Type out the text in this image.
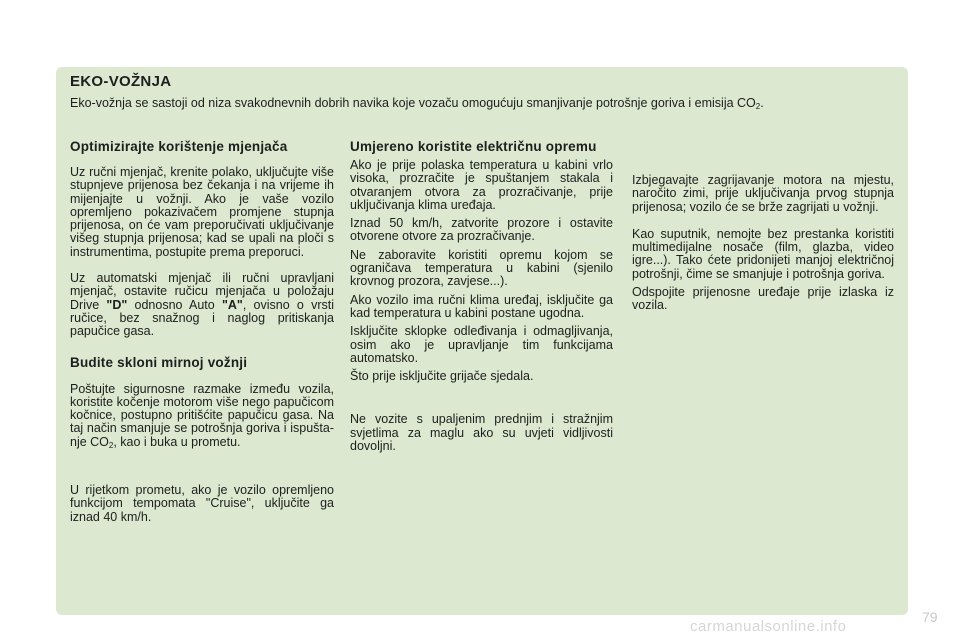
EKO-VOŽNJA
Eko-vožnja se sastoji od niza svakodnevnih dobrih navika koje vozaču omogućuju smanjivanje potrošnje goriva i emisija $CO_2$.
Optimizirajte korištenje mjenjača

Uz ručni mjenjač, krenite polako, uključujte više stupnjeve prijenosa bez čekanja i na vrijeme ih mijenjajte u vožnji. Ako je vaše vozilo opremljeno pokazivačem promjene stupnja prijenosa, on će vam preporučivati uključivanje višeg stupnja prijenosa; kad se upali na ploči s instrumentima, postupite prema preporuci.

Uz automatski mjenjač ili ručni upravljani mjenjač, ostavite ručicu mjenjača u položaju Drive "D" odnosno Auto "A", ovisno o vrsti ručice, bez snažnog i naglog pritiskanja papučice gasa.

Budite skloni mirnoj vožnji

Poštujte sigurnosne razmake između vozila, koristite kočenje motorom više nego papučicom kočnice, postupno pritišćite papučicu gasa. Na taj način smanjuje se potrošnja goriva i ispuštanje $CO_2$, kao i buka u prometu.

U rijetkom prometu, ako je vozilo opremljeno funkcijom tempomata "Cruise", uključite ga iznad 40 km/h.

Umjereno koristite električnu opremu

Ako je prije polaska temperatura u kabini vrlo visoka, prozračite je spuštanjem stakala i otvaranjem otvora za prozračivanje, prije uključivanja klima uređaja.

Iznad 50 km/h, zatvorite prozore i ostavite otvorene otvore za prozračivanje.

Ne zaboravite koristiti opremu kojom se ograničava temperatura u kabini (sjenilo krovnog prozora, zavjese...).

Ako vozilo ima ručni klima uređaj, isključite ga kad temperatura u kabini postane ugodna.

Isključite sklopke odleđivanja i odmagljivanja, osim ako je upravljanje tim funkcijama automatsko.

Što prije isključite grijače sjedala.

Ne vozite s upaljenim prednjim i stražnjim svjetlima za maglu ako su uvjeti vidljivosti dovoljni.

Izbjegavajte zagrijavanje motora na mjestu, naročito zimi, prije uključivanja prvog stupnja prijenosa; vozilo će se brže zagrijati u vožnji.

Kao suputnik, nemojte bez prestanka koristiti multimedijalne nosače (film, glazba, video igre...). Tako ćete pridonijeti manjoj električnoj potrošnji, čime se smanjuje i potrošnja goriva.

Odspojite prijenosne uređaje prije izlaska iz vozila.

79
carmanualsonline.info
